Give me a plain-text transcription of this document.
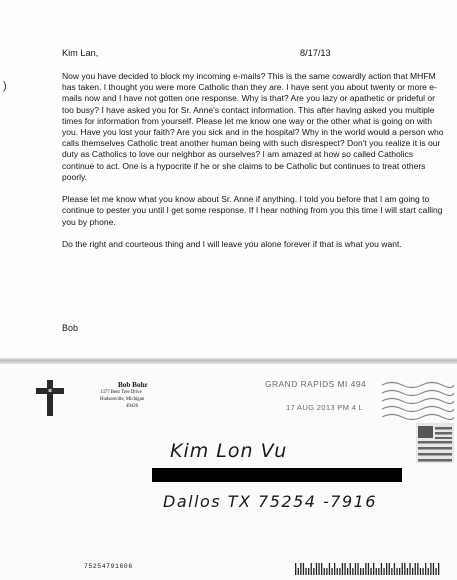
)
Kim Lan,	8/17/13

Now you have decided to block my incoming e-mails? This is the same cowardly action that MHFM has taken. I thought you were more Catholic than they are. I have sent you about twenty or more e-mails now and I have not gotten one response. Why is that? Are you lazy or apathetic or prideful or too busy? I have asked you for Sr. Anne's contact information. This after having asked you multiple times for information from yourself. Please let me know one way or the other what is going on with you. Have you lost your faith? Are you sick and in the hospital? Why in the world would a person who calls themselves Catholic treat another human being with such disrespect? Don't you realize it is our duty as Catholics to love our neighbor as ourselves? I am amazed at how so called Catholics continue to act. One is a hypocrite if he or she claims to be Catholic but continues to treat others poorly.

Please let me know what you know about Sr. Anne if anything. I told you before that I am going to continue to pester you until I get some response. If I hear nothing from you this time I will start calling you by phone.

Do the right and courteous thing and I will leave you alone forever if that is what you want.

Bob
Bob Bohr
1377 Bent Tree Drive
Hudsonville, Michigan
49426
GRAND RAPIDS MI 494
17 AUG 2013 PM 4 L
Kim Lon Vu
Dallos TX 75254 -7916
75254791606
